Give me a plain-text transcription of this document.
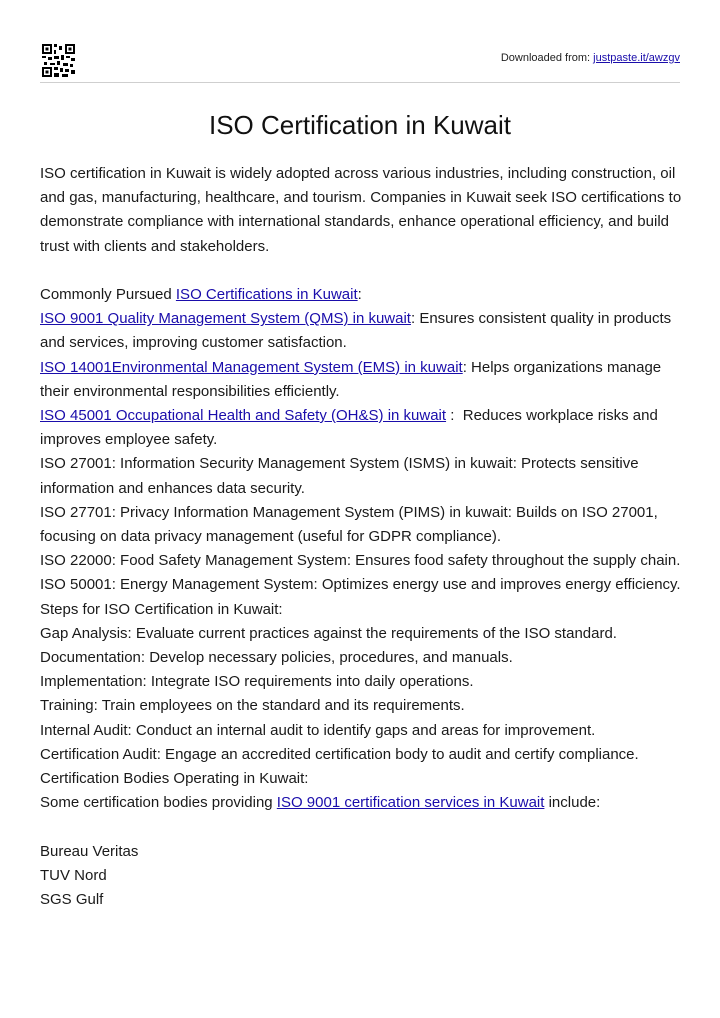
Downloaded from: justpaste.it/awzgv
ISO Certification in Kuwait

ISO certification in Kuwait is widely adopted across various industries, including construction, oil and gas, manufacturing, healthcare, and tourism. Companies in Kuwait seek ISO certifications to demonstrate compliance with international standards, enhance operational efficiency, and build trust with clients and stakeholders.

Commonly Pursued ISO Certifications in Kuwait:

ISO 9001 Quality Management System (QMS) in kuwait: Ensures consistent quality in products and services, improving customer satisfaction.

ISO 14001Environmental Management System (EMS) in kuwait: Helps organizations manage their environmental responsibilities efficiently.

ISO 45001 Occupational Health and Safety (OH&S) in kuwait :  Reduces workplace risks and improves employee safety.

ISO 27001: Information Security Management System (ISMS) in kuwait: Protects sensitive information and enhances data security.

ISO 27701: Privacy Information Management System (PIMS) in kuwait: Builds on ISO 27001, focusing on data privacy management (useful for GDPR compliance).

ISO 22000: Food Safety Management System: Ensures food safety throughout the supply chain.

ISO 50001: Energy Management System: Optimizes energy use and improves energy efficiency.

Steps for ISO Certification in Kuwait:

Gap Analysis: Evaluate current practices against the requirements of the ISO standard.

Documentation: Develop necessary policies, procedures, and manuals.

Implementation: Integrate ISO requirements into daily operations.

Training: Train employees on the standard and its requirements.

Internal Audit: Conduct an internal audit to identify gaps and areas for improvement.

Certification Audit: Engage an accredited certification body to audit and certify compliance.

Certification Bodies Operating in Kuwait:

Some certification bodies providing ISO 9001 certification services in Kuwait include:

Bureau Veritas

TUV Nord

SGS Gulf
